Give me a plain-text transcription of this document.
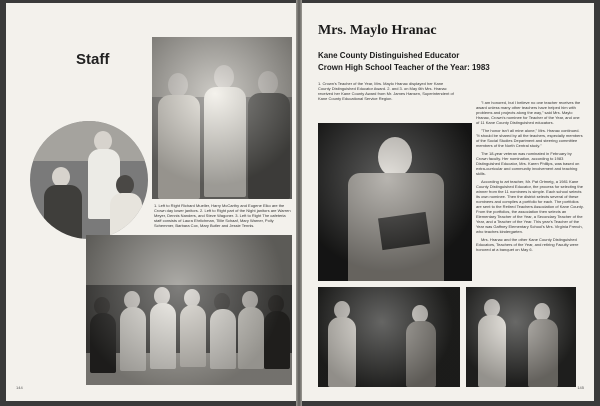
Staff
1. Left to Right Richard Mueller, Harry McCarthy and Eugene Elko are the Crown day lower janitors. 2. Left to Right part of the Night janitors are Warren Meyer, Dennis Nanders, and Steve Wagoner. 3. Left to Right The cafeteria staff consists of Laura Ehrlichman, Tillie Schaaf, Mary Warner, Polly Schemmer, Barbara Cox, Mary Butler and Jessie Tennis.
144
Mrs. Maylo Hranac
Kane County Distinguished Educator
Crown High School Teacher of the Year: 1983
1. Crown's Teacher of the Year, Mrs. Maylo Hranac displayed her Kane County Distinguished Educator Award. 2. and 3. on May 6th Mrs. Hranac received her Kane County Award from Mr. James Hansen, Superintendent of Kane County Educational Service Region.

"I am honored, but I believe no one teacher receives the award unless many other teachers have helped him with problems and projects along the way," said Mrs. Maylo Hranac, Crown's nominee for Teacher of the Year, and one of 11 Kane County Distinguished educators.

"The honor isn't all mine alone," Mrs. Hranac continued. "It should be shared by all the teachers, especially members of the Social Studies Department and steering committee members of the North Central study."

The 18-year veteran was nominated in February by Crown faculty. Her nomination, according to 1983 Distinguished Educator, Mrs. Karen Phillips, was based on extra-curricular and community involvement and teaching skills.

According to art teacher, Mr. Pat Ortmeig, a 1981 Kane County Distinguished Educator, the process for selecting the winner from the 11 nominees is simple. Each school selects its own nominee. Then the district selects several of these nominees and compiles a portfolio for each. The portfolios are sent to the Retired Teachers Association of Kane County. From the portfolios, the association then selects an Elementary Teacher of the Year, a Secondary Teacher of the Year, and a Teacher of the Year. This year's Teacher of the Year was Gaffney Elementary School's Mrs. Virginia French, who teaches kindergarten.

Mrs. Hranac and the other Kane County Distinguished Educators, Teachers of the Year, and retiring Faculty were honored at a banquet on May 6.

145
